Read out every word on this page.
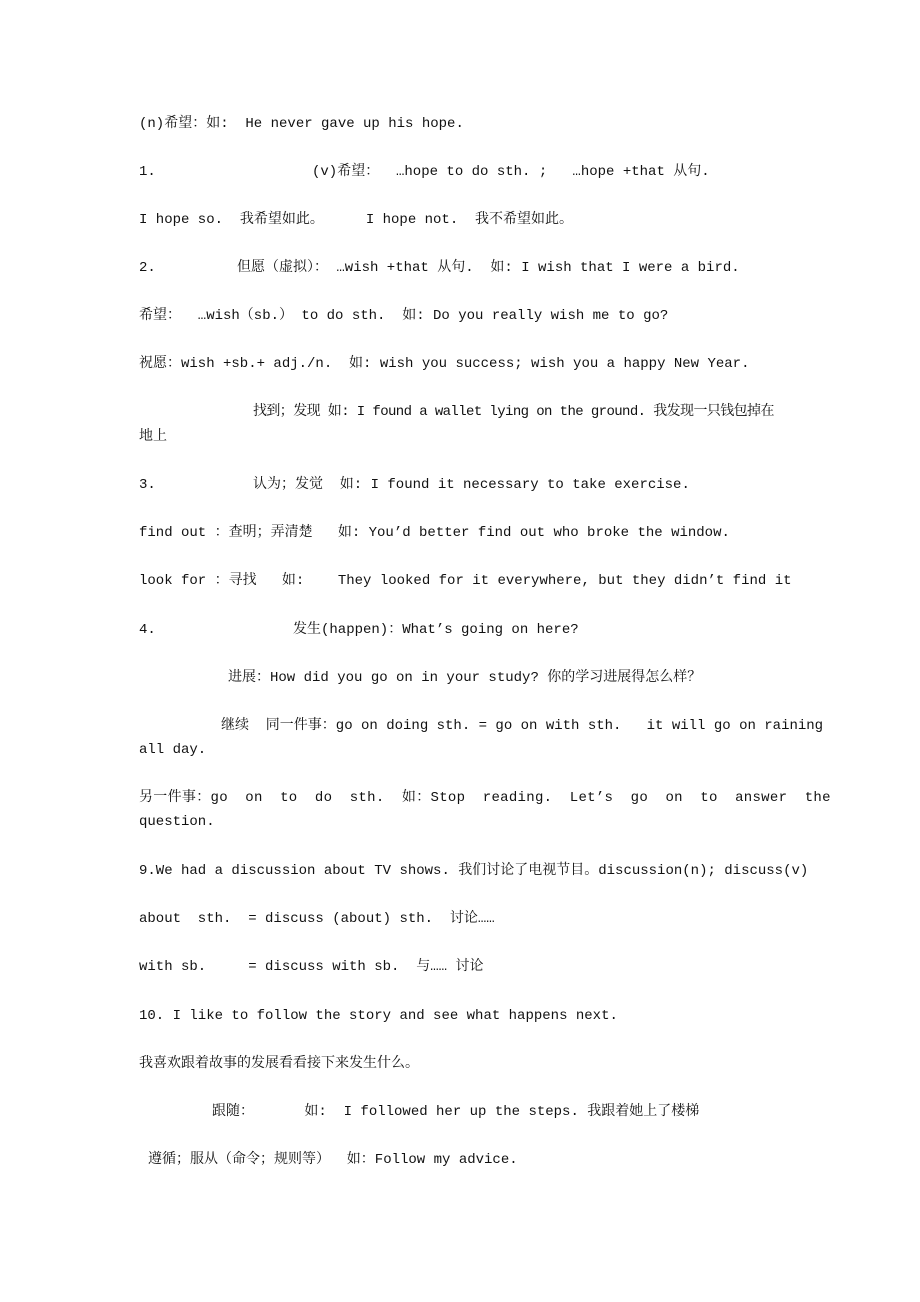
(n)希望：如:  He never gave up his hope.
1.	(v)希望：  …hope to do sth. ;   …hope +that 从句.
I hope so.  我希望如此。     I hope not.  我不希望如此。
2.	但愿（虚拟）： …wish +that 从句.  如: I wish that I were a bird.
希望：  …wish（sb.） to do sth.  如: Do you really wish me to go?
祝愿：wish +sb.+ adj./n.  如: wish you success; wish you a happy New Year.
找到；发现 如: I found a wallet lying on the ground. 我发现一只钱包掉在
地上
3.	认为；发觉  如: I found it necessary to take exercise.
find out ：查明；弄清楚   如: You’d better find out who broke the window.
look for ：寻找   如:    They looked for it everywhere, but they didn’t find it
4.	发生(happen)：What’s going on here?
进展：How did you go on in your study? 你的学习进展得怎么样？
继续  同一件事：go on doing sth. = go on with sth.   it will go on raining
all day.
另一件事：go  on  to  do  sth.  如：Stop  reading.  Let’s  go  on  to  answer  the
question.
9.We had a discussion about TV shows. 我们讨论了电视节目。discussion(n); discuss(v)
about  sth.  = discuss (about) sth.  讨论……
with sb.     = discuss with sb.  与…… 讨论
10. I like to follow the story and see what happens next.
我喜欢跟着故事的发展看看接下来发生什么。
跟随：      如:  I followed her up the steps. 我跟着她上了楼梯
遵循；服从（命令；规则等）  如：Follow my advice.
